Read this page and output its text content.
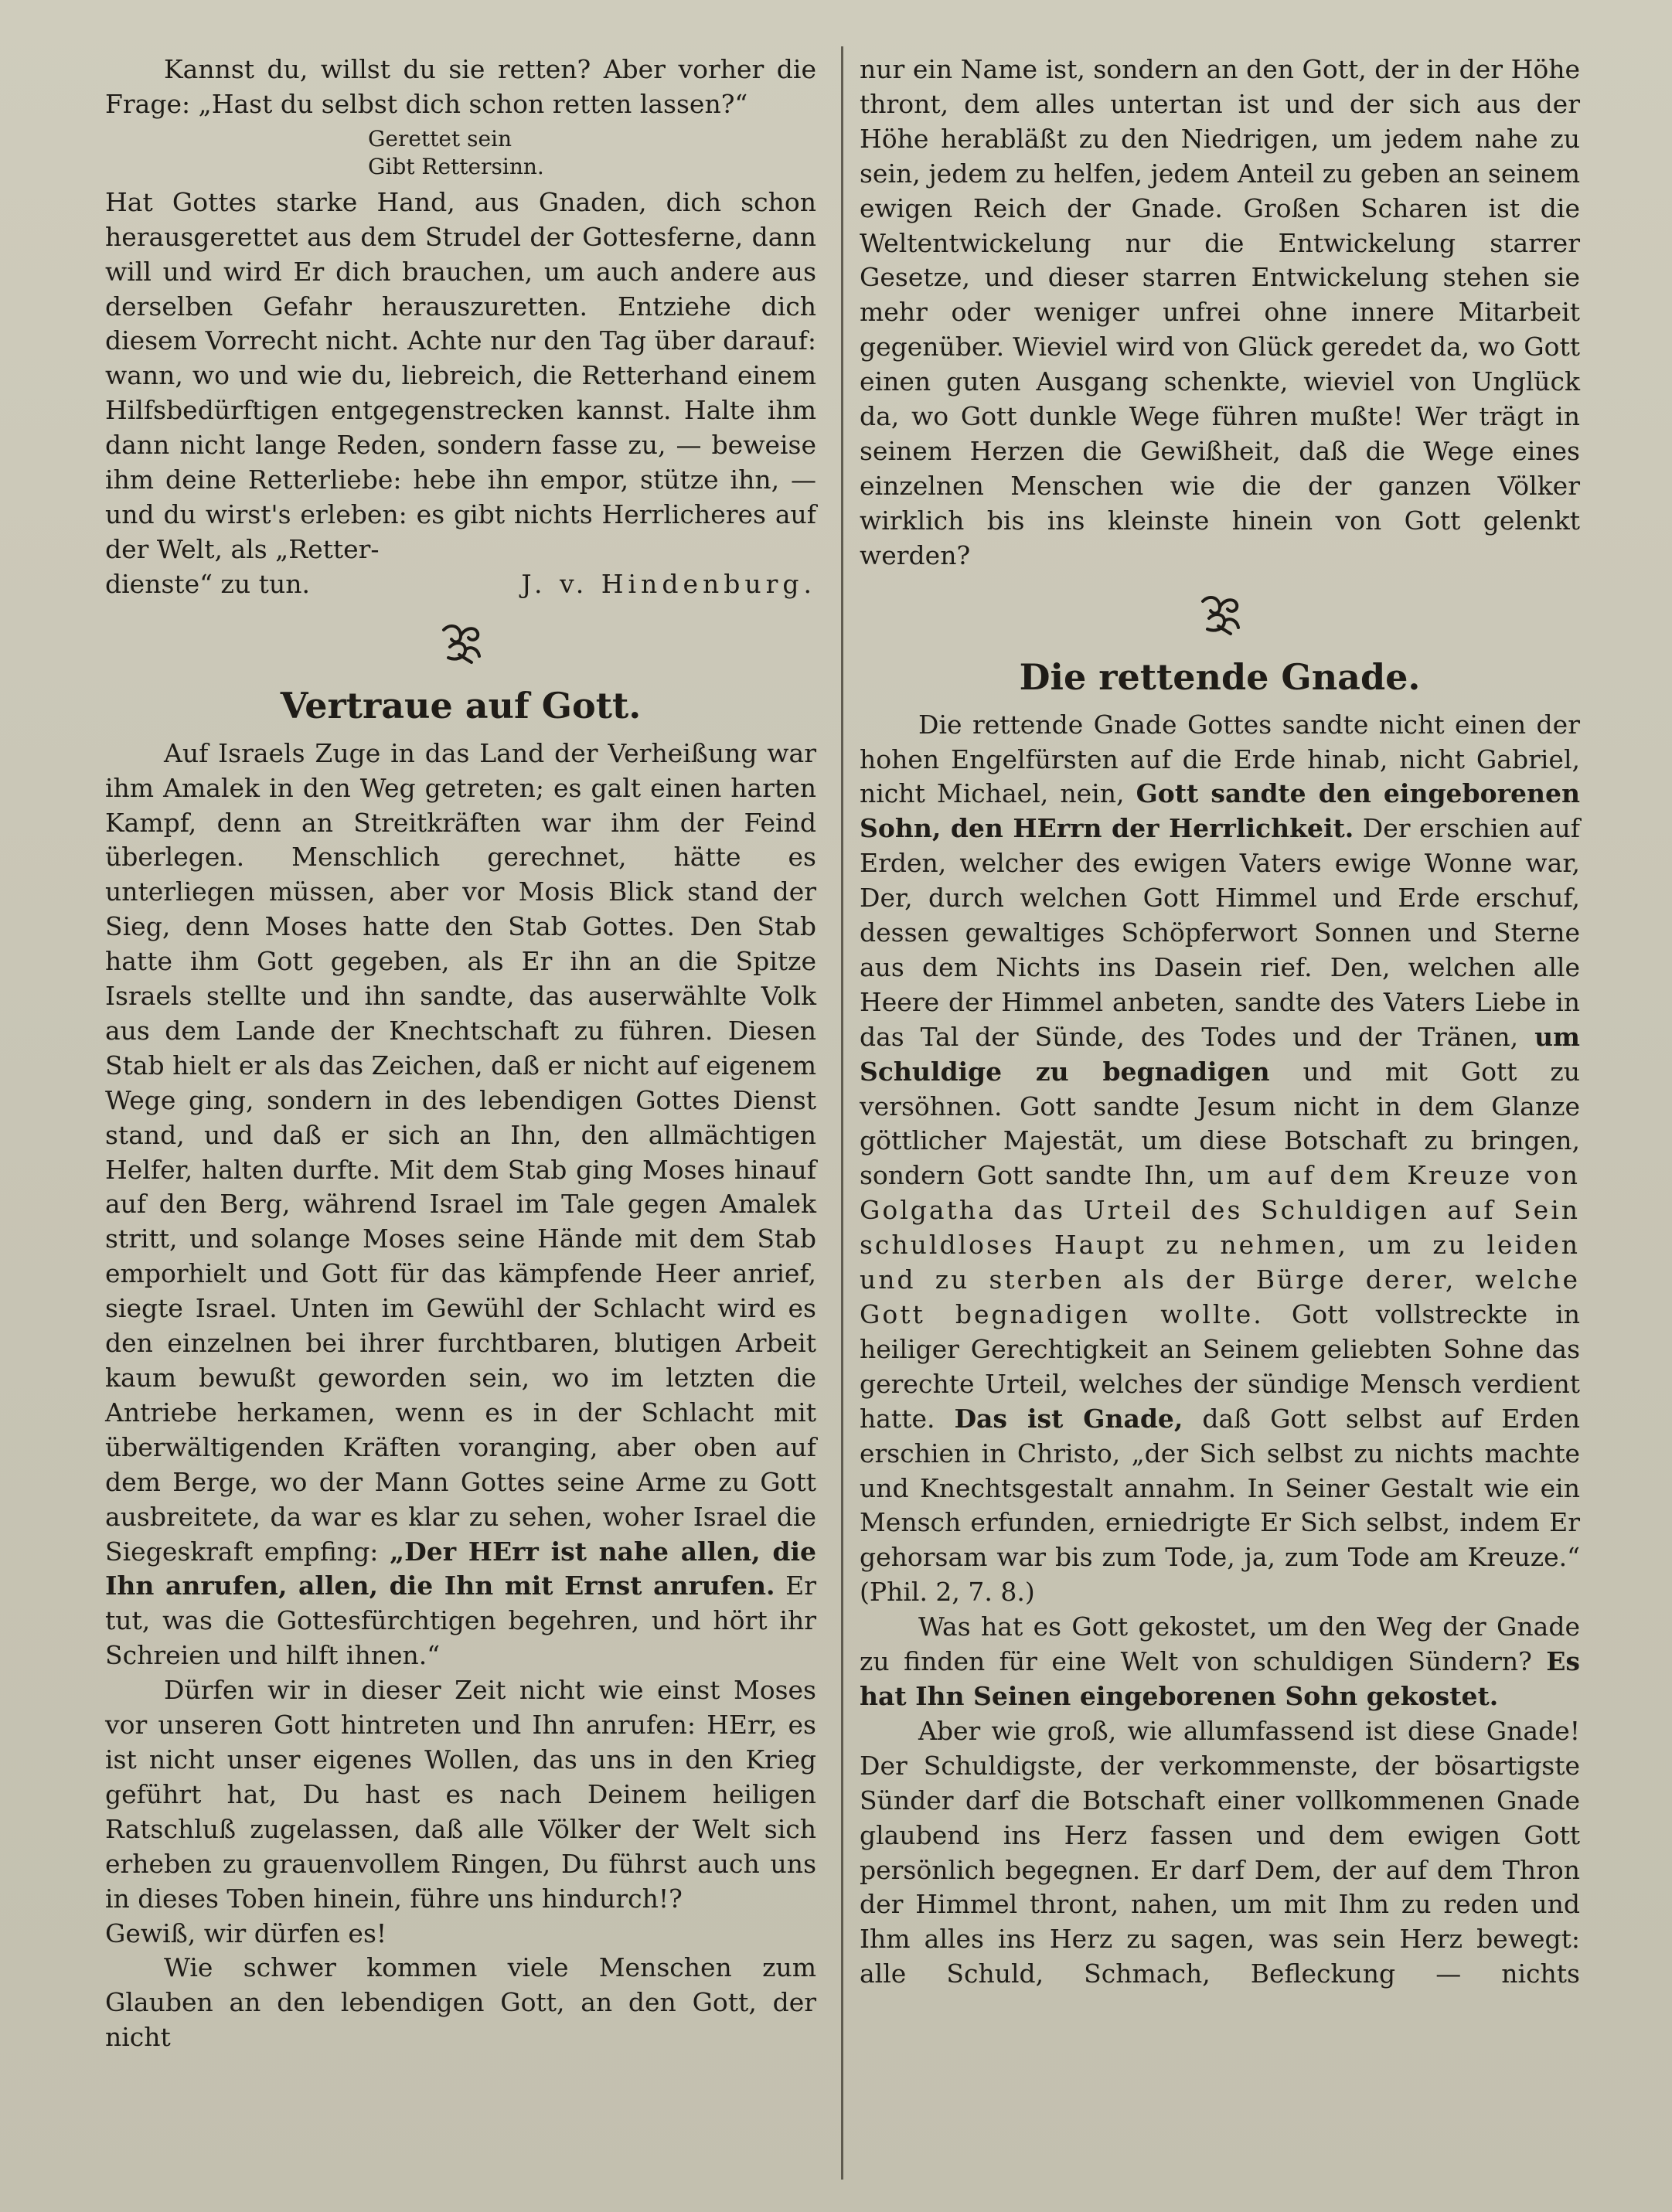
Kannst du, willst du sie retten? Aber vorher die Frage: „Hast du selbst dich schon retten lassen?“

Gerettet sein

Gibt Rettersinn.

Hat Gottes starke Hand, aus Gnaden, dich schon herausgerettet aus dem Strudel der Gottesferne, dann will und wird Er dich brauchen, um auch andere aus derselben Gefahr herauszuretten. Entziehe dich diesem Vorrecht nicht. Achte nur den Tag über darauf: wann, wo und wie du, liebreich, die Retterhand einem Hilfsbedürftigen entgegenstrecken kannst. Halte ihm dann nicht lange Reden, sondern fasse zu, — beweise ihm deine Retterliebe: hebe ihn empor, stütze ihn, — und du wirst's erleben: es gibt nichts Herrlicheres auf der Welt, als „Retter-

dienste“ zu tun.	J. v. Hindenburg.
Vertraue auf Gott.

Auf Israels Zuge in das Land der Verheißung war ihm Amalek in den Weg getreten; es galt einen harten Kampf, denn an Streitkräften war ihm der Feind überlegen. Menschlich gerechnet, hätte es unterliegen müssen, aber vor Mosis Blick stand der Sieg, denn Moses hatte den Stab Gottes. Den Stab hatte ihm Gott gegeben, als Er ihn an die Spitze Israels stellte und ihn sandte, das auserwählte Volk aus dem Lande der Knechtschaft zu führen. Diesen Stab hielt er als das Zeichen, daß er nicht auf eigenem Wege ging, sondern in des lebendigen Gottes Dienst stand, und daß er sich an Ihn, den allmächtigen Helfer, halten durfte. Mit dem Stab ging Moses hinauf auf den Berg, während Israel im Tale gegen Amalek stritt, und solange Moses seine Hände mit dem Stab emporhielt und Gott für das kämpfende Heer anrief, siegte Israel. Unten im Gewühl der Schlacht wird es den einzelnen bei ihrer furchtbaren, blutigen Arbeit kaum bewußt geworden sein, wo im letzten die Antriebe herkamen, wenn es in der Schlacht mit überwältigenden Kräften voranging, aber oben auf dem Berge, wo der Mann Gottes seine Arme zu Gott ausbreitete, da war es klar zu sehen, woher Israel die Siegeskraft empfing: „Der HErr ist nahe allen, die Ihn anrufen, allen, die Ihn mit Ernst anrufen. Er tut, was die Gottesfürchtigen begehren, und hört ihr Schreien und hilft ihnen.“

Dürfen wir in dieser Zeit nicht wie einst Moses vor unseren Gott hintreten und Ihn anrufen: HErr, es ist nicht unser eigenes Wollen, das uns in den Krieg geführt hat, Du hast es nach Deinem heiligen Ratschluß zugelassen, daß alle Völker der Welt sich erheben zu grauenvollem Ringen, Du führst auch uns in dieses Toben hinein, führe uns hindurch!?

Gewiß, wir dürfen es!

Wie schwer kommen viele Menschen zum Glauben an den lebendigen Gott, an den Gott, der nicht

nur ein Name ist, sondern an den Gott, der in der Höhe thront, dem alles untertan ist und der sich aus der Höhe herabläßt zu den Niedrigen, um jedem nahe zu sein, jedem zu helfen, jedem Anteil zu geben an seinem ewigen Reich der Gnade. Großen Scharen ist die Weltentwickelung nur die Entwickelung starrer Gesetze, und dieser starren Entwickelung stehen sie mehr oder weniger unfrei ohne innere Mitarbeit gegenüber. Wieviel wird von Glück geredet da, wo Gott einen guten Ausgang schenkte, wieviel von Unglück da, wo Gott dunkle Wege führen mußte! Wer trägt in seinem Herzen die Gewißheit, daß die Wege eines einzelnen Menschen wie die der ganzen Völker wirklich bis ins kleinste hinein von Gott gelenkt werden?

Die rettende Gnade.

Die rettende Gnade Gottes sandte nicht einen der hohen Engelfürsten auf die Erde hinab, nicht Gabriel, nicht Michael, nein, Gott sandte den eingeborenen Sohn, den HErrn der Herrlichkeit. Der erschien auf Erden, welcher des ewigen Vaters ewige Wonne war, Der, durch welchen Gott Himmel und Erde erschuf, dessen gewaltiges Schöpferwort Sonnen und Sterne aus dem Nichts ins Dasein rief. Den, welchen alle Heere der Himmel anbeten, sandte des Vaters Liebe in das Tal der Sünde, des Todes und der Tränen, um Schuldige zu begnadigen und mit Gott zu versöhnen. Gott sandte Jesum nicht in dem Glanze göttlicher Majestät, um diese Botschaft zu bringen, sondern Gott sandte Ihn, um auf dem Kreuze von Golgatha das Urteil des Schuldigen auf Sein schuldloses Haupt zu nehmen, um zu leiden und zu sterben als der Bürge derer, welche Gott begnadigen wollte. Gott vollstreckte in heiliger Gerechtigkeit an Seinem geliebten Sohne das gerechte Urteil, welches der sündige Mensch verdient hatte. Das ist Gnade, daß Gott selbst auf Erden erschien in Christo, „der Sich selbst zu nichts machte und Knechtsgestalt annahm. In Seiner Gestalt wie ein Mensch erfunden, erniedrigte Er Sich selbst, indem Er gehorsam war bis zum Tode, ja, zum Tode am Kreuze.“ (Phil. 2, 7. 8.)

Was hat es Gott gekostet, um den Weg der Gnade zu finden für eine Welt von schuldigen Sündern? Es hat Ihn Seinen eingeborenen Sohn gekostet.

Aber wie groß, wie allumfassend ist diese Gnade! Der Schuldigste, der verkommenste, der bösartigste Sünder darf die Botschaft einer vollkommenen Gnade glaubend ins Herz fassen und dem ewigen Gott persönlich begegnen. Er darf Dem, der auf dem Thron der Himmel thront, nahen, um mit Ihm zu reden und Ihm alles ins Herz zu sagen, was sein Herz bewegt: alle Schuld, Schmach, Befleckung — nichts
